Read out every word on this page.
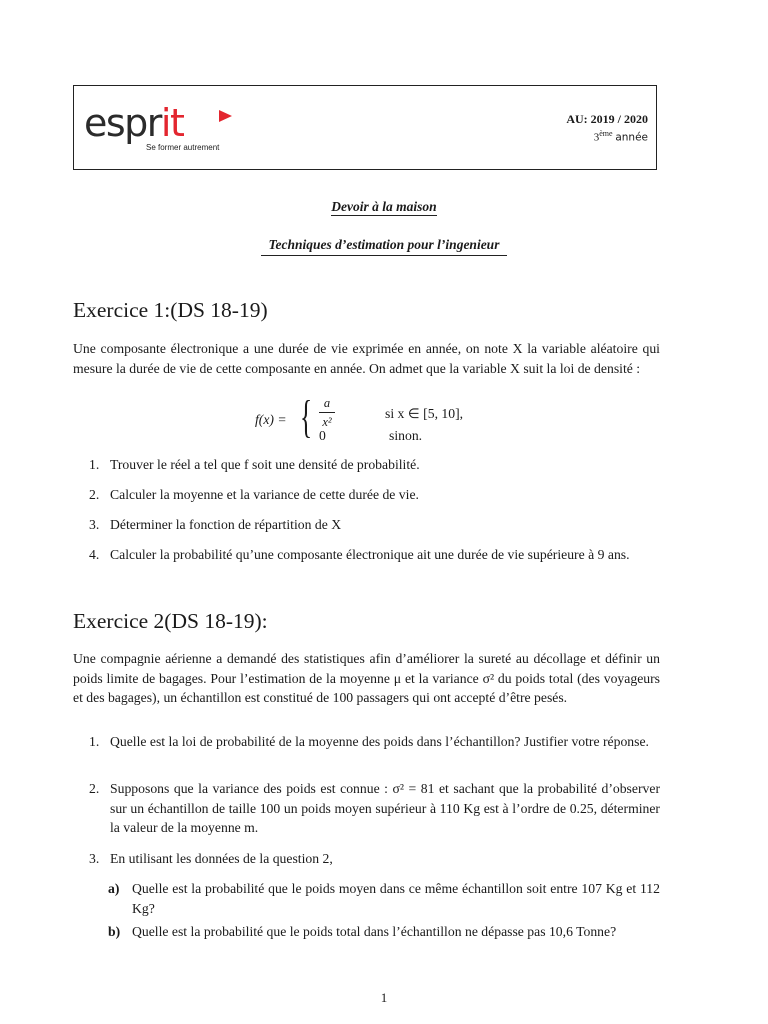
esprit
Se former autrement
AU: 2019 / 2020
3ème année
Devoir à la maison
Techniques d’estimation pour l’ingenieur
Exercice 1:(DS 18-19)
Une composante électronique a une durée de vie exprimée en année, on note X la variable aléatoire qui mesure la durée de vie de cette composante en année. On admet que la variable X suit la loi de densité :
f(x) = { a
x²
si x ∈ [5, 10],
0	sinon.
1. Trouver le réel a tel que f soit une densité de probabilité.
2. Calculer la moyenne et la variance de cette durée de vie.
3. Déterminer la fonction de répartition de X
4. Calculer la probabilité qu’une composante électronique ait une durée de vie supérieure à 9 ans.
Exercice 2(DS 18-19):
Une compagnie aérienne a demandé des statistiques afin d’améliorer la sureté au décollage et définir un poids limite de bagages. Pour l’estimation de la moyenne μ et la variance σ² du poids total (des voyageurs et des bagages), un échantillon est constitué de 100 passagers qui ont accepté d’être pesés.
1. Quelle est la loi de probabilité de la moyenne des poids dans l’échantillon? Justifier votre réponse.
2. Supposons que la variance des poids est connue : σ² = 81 et sachant que la probabilité d’observer sur un échantillon de taille 100 un poids moyen supérieur à 110 Kg est à l’ordre de 0.25, déterminer la valeur de la moyenne m.
3. En utilisant les données de la question 2,
a) Quelle est la probabilité que le poids moyen dans ce même échantillon soit entre 107 Kg et 112 Kg?
b) Quelle est la probabilité que le poids total dans l’échantillon ne dépasse pas 10,6 Tonne?
1
